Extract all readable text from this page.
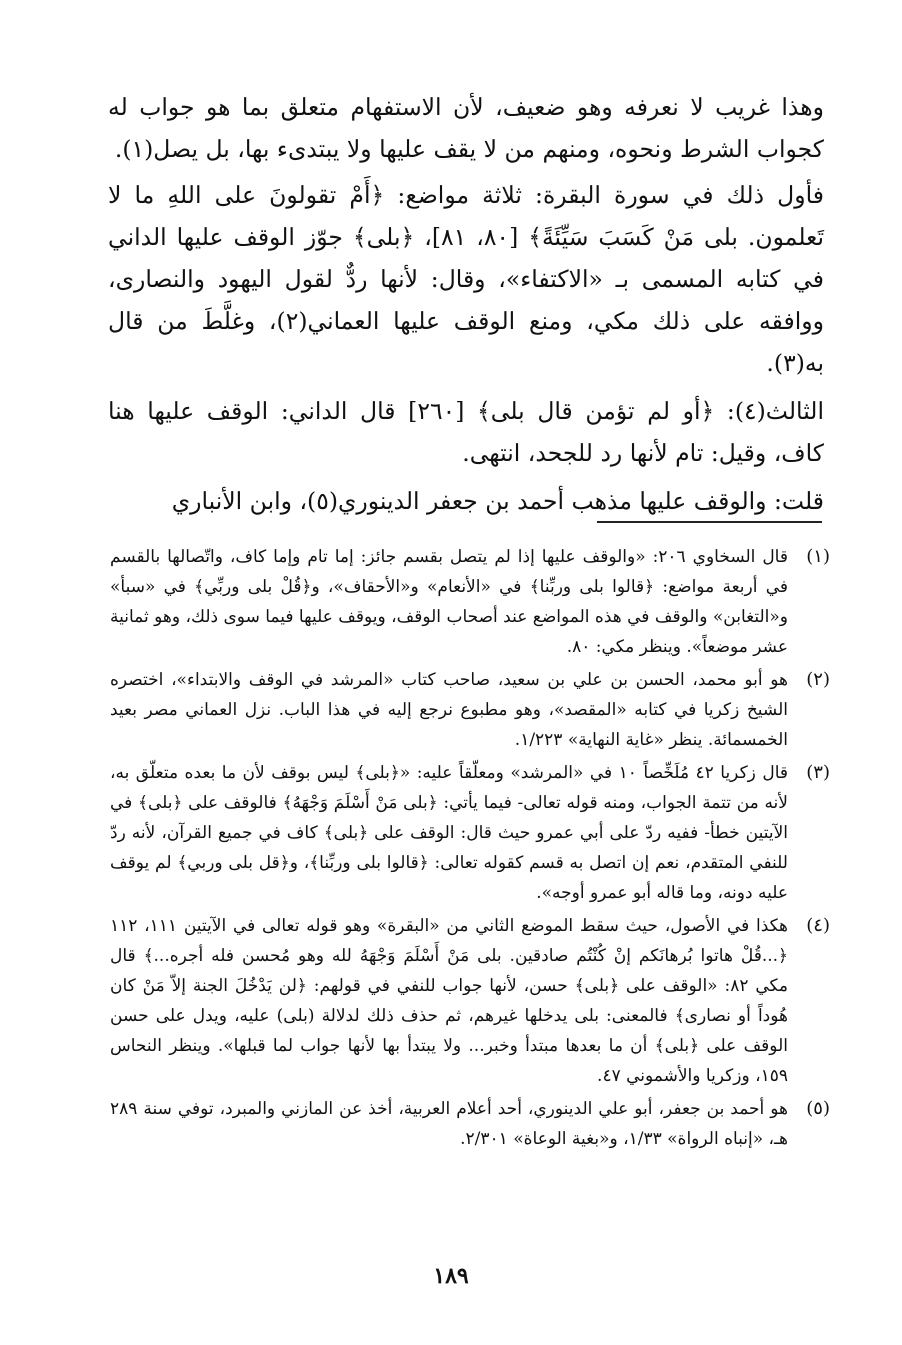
وهذا غريب لا نعرفه وهو ضعيف، لأن الاستفهام متعلق بما هو جواب له كجواب الشرط ونحوه، ومنهم من لا يقف عليها ولا يبتدىء بها، بل يصل(١).

فأول ذلك في سورة البقرة: ثلاثة مواضع: ﴿أَمْ تقولونَ على اللهِ ما لا تَعلمون. بلى مَنْ كَسَبَ سَيِّئَةً﴾ [٨٠، ٨١]، ﴿بلى﴾ جوّز الوقف عليها الداني في كتابه المسمى بـ «الاكتفاء»، وقال: لأنها ردٌّ لقول اليهود والنصارى، ووافقه على ذلك مكي، ومنع الوقف عليها العماني(٢)، وغلَّطَ من قال به(٣).

الثالث(٤): ﴿أو لم تؤمن قال بلى﴾ [٢٦٠] قال الداني: الوقف عليها هنا كاف، وقيل: تام لأنها رد للجحد، انتهى.

قلت: والوقف عليها مذهب أحمد بن جعفر الدينوري(٥)، وابن الأنباري

(١)
قال السخاوي ٢٠٦: «والوقف عليها إذا لم يتصل بقسم جائز: إما تام وإما كاف، واتّصالها بالقسم في أربعة مواضع: ﴿قالوا بلى وربِّنا﴾ في «الأنعام» و«الأحقاف»، و﴿قُلْ بلى وربِّي﴾ في «سبأ» و«التغابن» والوقف في هذه المواضع عند أصحاب الوقف، ويوقف عليها فيما سوى ذلك، وهو ثمانية عشر موضعاً». وينظر مكي: ٨٠.
(٢)
هو أبو محمد، الحسن بن علي بن سعيد، صاحب كتاب «المرشد في الوقف والابتداء»، اختصره الشيخ زكريا في كتابه «المقصد»، وهو مطبوع نرجع إليه في هذا الباب. نزل العماني مصر بعيد الخمسمائة. ينظر «غاية النهاية» ١/٢٢٣.
(٣)
قال زكريا ٤٢ مُلَخِّصاً ١٠ في «المرشد» ومعلّقاً عليه: «﴿بلى﴾ ليس بوقف لأن ما بعده متعلّق به، لأنه من تتمة الجواب، ومنه قوله تعالى- فيما يأتي: ﴿بلى مَنْ أَسْلَمَ وَجْهَهُ﴾ فالوقف على ﴿بلى﴾ في الآيتين خطأ- ففيه ردّ على أبي عمرو حيث قال: الوقف على ﴿بلى﴾ كاف في جميع القرآن، لأنه ردّ للنفي المتقدم، نعم إن اتصل به قسم كقوله تعالى: ﴿قالوا بلى وربِّنا﴾، و﴿قل بلى وربي﴾ لم يوقف عليه دونه، وما قاله أبو عمرو أوجه».
(٤)
هكذا في الأصول، حيث سقط الموضع الثاني من «البقرة» وهو قوله تعالى في الآيتين ١١١، ١١٢ ﴿...قُلْ هاتوا بُرهانَكم إنْ كُنْتُم صادقين. بلى مَنْ أَسْلَمَ وَجْهَهُ لله وهو مُحسن فله أجره...﴾ قال مكي ٨٢: «الوقف على ﴿بلى﴾ حسن، لأنها جواب للنفي في قولهم: ﴿لن يَدْخُلَ الجنة إلاّ مَنْ كان هُوداً أو نصارى﴾ فالمعنى: بلى يدخلها غيرهم، ثم حذف ذلك لدلالة (بلى) عليه، ويدل على حسن الوقف على ﴿بلى﴾ أن ما بعدها مبتدأ وخبر... ولا يبتدأ بها لأنها جواب لما قبلها». وينظر النحاس ١٥٩، وزكريا والأشموني ٤٧.
(٥)
هو أحمد بن جعفر، أبو علي الدينوري، أحد أعلام العربية، أخذ عن المازني والمبرد، توفي سنة ٢٨٩ هـ، «إنباه الرواة» ١/٣٣، و«بغية الوعاة» ٢/٣٠١.
١٨٩
